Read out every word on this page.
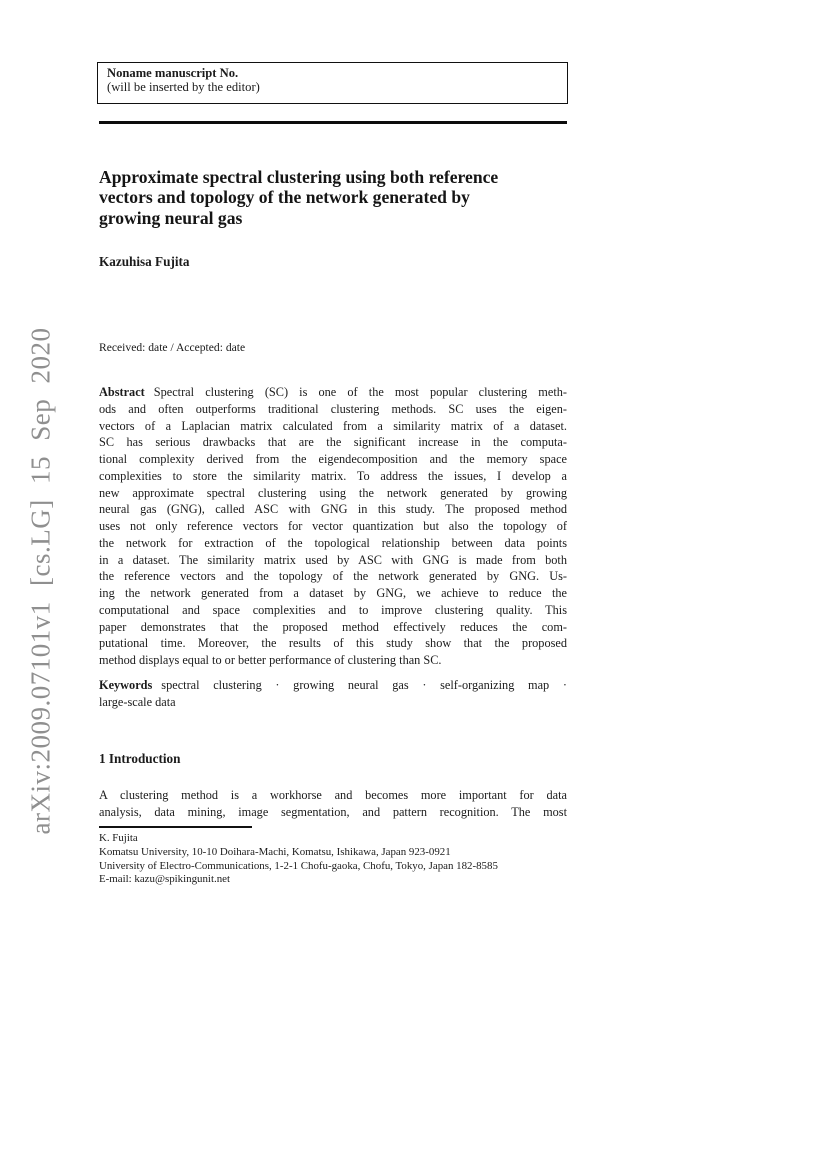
arXiv:2009.07101v1 [cs.LG] 15 Sep 2020
Noname manuscript No.
(will be inserted by the editor)
Approximate spectral clustering using both reference
vectors and topology of the network generated by
growing neural gas
Kazuhisa Fujita
Received: date / Accepted: date
Abstract Spectral clustering (SC) is one of the most popular clustering meth-
ods and often outperforms traditional clustering methods. SC uses the eigen-
vectors of a Laplacian matrix calculated from a similarity matrix of a dataset.
SC has serious drawbacks that are the significant increase in the computa-
tional complexity derived from the eigendecomposition and the memory space
complexities to store the similarity matrix. To address the issues, I develop a
new approximate spectral clustering using the network generated by growing
neural gas (GNG), called ASC with GNG in this study. The proposed method
uses not only reference vectors for vector quantization but also the topology of
the network for extraction of the topological relationship between data points
in a dataset. The similarity matrix used by ASC with GNG is made from both
the reference vectors and the topology of the network generated by GNG. Us-
ing the network generated from a dataset by GNG, we achieve to reduce the
computational and space complexities and to improve clustering quality. This
paper demonstrates that the proposed method effectively reduces the com-
putational time. Moreover, the results of this study show that the proposed
method displays equal to or better performance of clustering than SC.
Keywords spectral clustering · growing neural gas · self-organizing map ·
large-scale data
1 Introduction
A clustering method is a workhorse and becomes more important for data
analysis, data mining, image segmentation, and pattern recognition. The most
K. Fujita
Komatsu University, 10-10 Doihara-Machi, Komatsu, Ishikawa, Japan 923-0921
University of Electro-Communications, 1-2-1 Chofu-gaoka, Chofu, Tokyo, Japan 182-8585
E-mail: kazu@spikingunit.net
